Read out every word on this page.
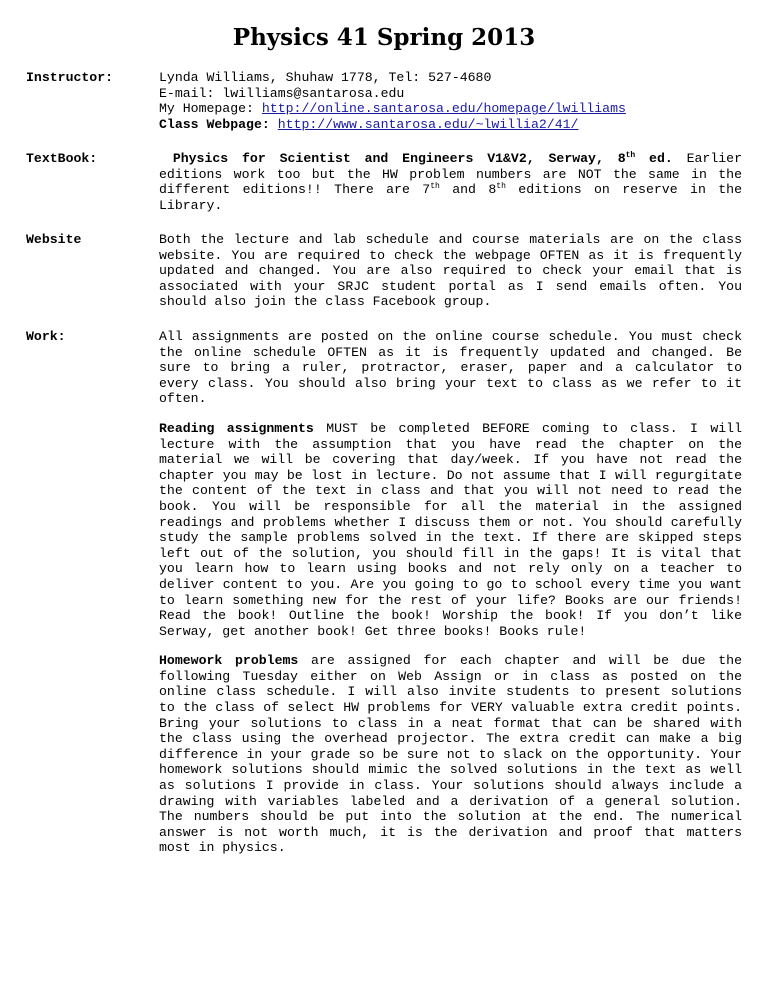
Physics 41 Spring 2013
Instructor:	Lynda Williams, Shuhaw 1778, Tel: 527-4680

E-mail: lwilliams@santarosa.edu

My Homepage: http://online.santarosa.edu/homepage/lwilliams

Class Webpage: http://www.santarosa.edu/~lwillia2/41/

TextBook:	Physics for Scientist and Engineers V1&V2, Serway, 8th ed. Earlier editions work too but the HW problem numbers are NOT the same in the different editions!! There are 7th and 8th editions on reserve in the Library.

Website	Both the lecture and lab schedule and course materials are on the class website. You are required to check the webpage OFTEN as it is frequently updated and changed. You are also required to check your email that is associated with your SRJC student portal as I send emails often. You should also join the class Facebook group.

Work:	All assignments are posted on the online course schedule. You must check the online schedule OFTEN as it is frequently updated and changed. Be sure to bring a ruler, protractor, eraser, paper and a calculator to every class. You should also bring your text to class as we refer to it often.

Reading assignments MUST be completed BEFORE coming to class. I will lecture with the assumption that you have read the chapter on the material we will be covering that day/week. If you have not read the chapter you may be lost in lecture. Do not assume that I will regurgitate the content of the text in class and that you will not need to read the book. You will be responsible for all the material in the assigned readings and problems whether I discuss them or not. You should carefully study the sample problems solved in the text. If there are skipped steps left out of the solution, you should fill in the gaps! It is vital that you learn how to learn using books and not rely only on a teacher to deliver content to you. Are you going to go to school every time you want to learn something new for the rest of your life? Books are our friends! Read the book! Outline the book! Worship the book! If you don’t like Serway, get another book! Get three books! Books rule!

Homework problems are assigned for each chapter and will be due the following Tuesday either on Web Assign or in class as posted on the online class schedule. I will also invite students to present solutions to the class of select HW problems for VERY valuable extra credit points. Bring your solutions to class in a neat format that can be shared with the class using the overhead projector. The extra credit can make a big difference in your grade so be sure not to slack on the opportunity. Your homework solutions should mimic the solved solutions in the text as well as solutions I provide in class. Your solutions should always include a drawing with variables labeled and a derivation of a general solution. The numbers should be put into the solution at the end. The numerical answer is not worth much, it is the derivation and proof that matters most in physics.
